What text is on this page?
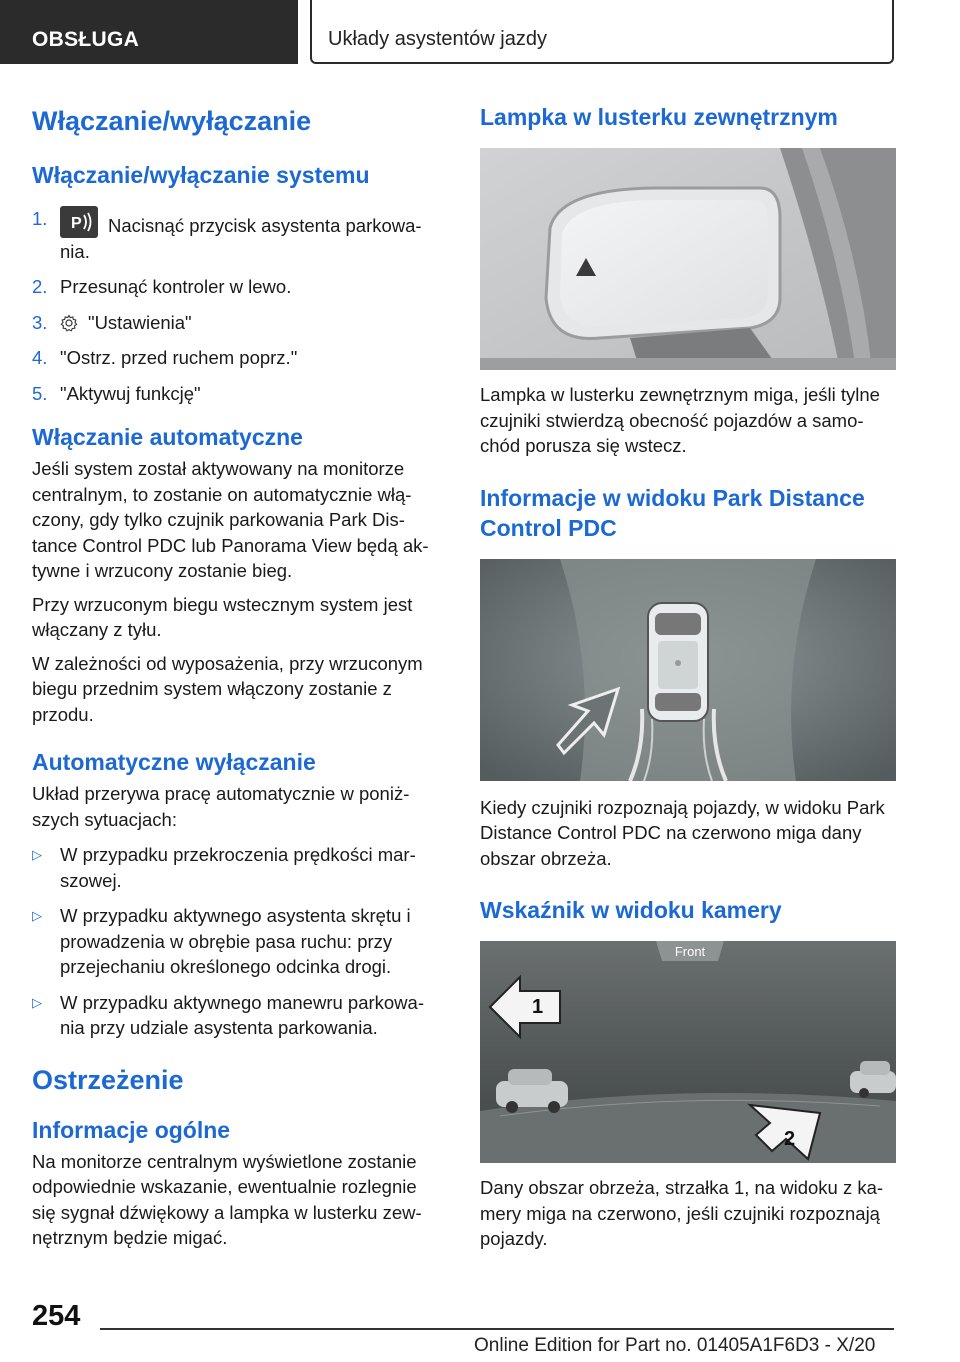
OBSŁUGA	Układy asystentów jazdy
Włączanie/wyłączanie
Włączanie/wyłączanie systemu
1. P Nacisnąć przycisk asystenta parkowa-nia.
2. Przesunąć kontroler w lewo.
3. "Ustawienia"
4. "Ostrz. przed ruchem poprz."
5. "Aktywuj funkcję"
Włączanie automatyczne

Jeśli system został aktywowany na monitorze centralnym, to zostanie on automatycznie włą-czony, gdy tylko czujnik parkowania Park Dis-tance Control PDC lub Panorama View będą ak-tywne i wrzucony zostanie bieg.

Przy wrzuconym biegu wstecznym system jest włączany z tyłu.

W zależności od wyposażenia, przy wrzuconym biegu przednim system włączony zostanie z przodu.

Automatyczne wyłączanie

Układ przerywa pracę automatycznie w poniż-szych sytuacjach:

▷ W przypadku przekroczenia prędkości mar-szowej.
▷ W przypadku aktywnego asystenta skrętu i prowadzenia w obrębie pasa ruchu: przy przejechaniu określonego odcinka drogi.
▷ W przypadku aktywnego manewru parkowa-nia przy udziale asystenta parkowania.
Ostrzeżenie
Informacje ogólne

Na monitorze centralnym wyświetlone zostanie odpowiednie wskazanie, ewentualnie rozlegnie się sygnał dźwiękowy a lampka w lusterku zew-nętrznym będzie migać.

Lampka w lusterku zewnętrznym

Lampka w lusterku zewnętrznym miga, jeśli tylne czujniki stwierdzą obecność pojazdów a samo-chód porusza się wstecz.

Informacje w widoku Park Distance Control PDC

Kiedy czujniki rozpoznają pojazdy, w widoku Park Distance Control PDC na czerwono miga dany obszar obrzeża.

Wskaźnik w widoku kamery
Front
1
2

Dany obszar obrzeża, strzałka 1, na widoku z ka-mery miga na czerwono, jeśli czujniki rozpoznają pojazdy.

254
Online Edition for Part no. 01405A1F6D3 - X/20
